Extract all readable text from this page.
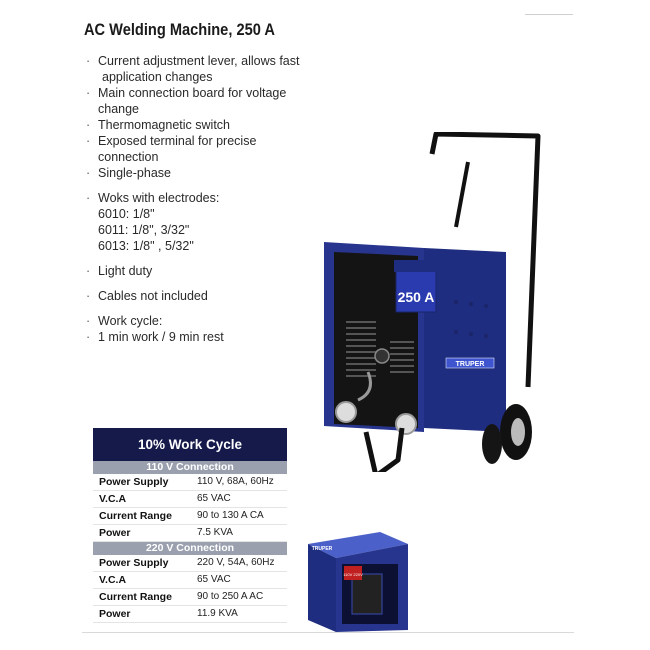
AC Welding Machine, 250 A
· Current adjustment lever, allows fast
application changes
· Main connection board for voltage
change
· Thermomagnetic switch
· Exposed terminal for precise
connection
· Single-phase
· Woks with electrodes:
6010: 1/8"
6011: 1/8", 3/32"
6013: 1/8" , 5/32"
· Light duty
· Cables not included
· Work cycle:
· 1 min work / 9 min rest
250 A
TRUPER
10% Work Cycle
110 V Connection
Power Supply	110 V, 68A, 60Hz
V.C.A	65 VAC
Current Range	90 to 130 A CA
Power	7.5 KVA
220 V Connection
Power Supply	220 V, 54A, 60Hz
V.C.A	65 VAC
Current Range	90 to 250 A AC
Power	11.9 KVA
110V 220V
TRUPER
